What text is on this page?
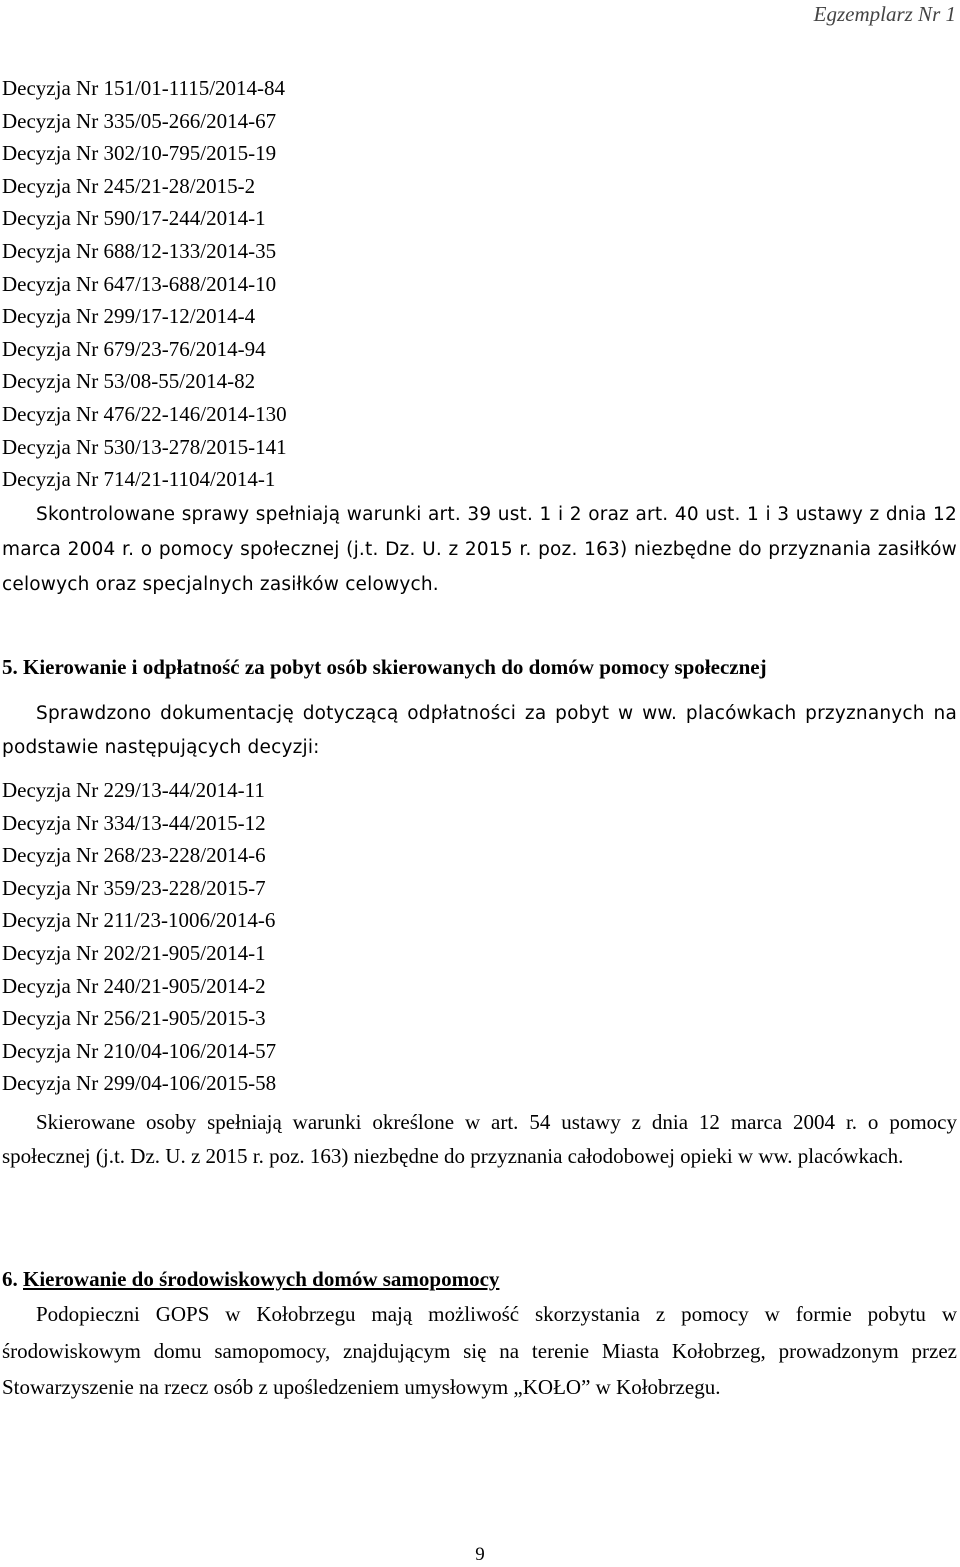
Egzemplarz Nr 1
Decyzja Nr 151/01-1115/2014-84
Decyzja Nr 335/05-266/2014-67
Decyzja Nr 302/10-795/2015-19
Decyzja Nr 245/21-28/2015-2
Decyzja Nr 590/17-244/2014-1
Decyzja Nr 688/12-133/2014-35
Decyzja Nr 647/13-688/2014-10
Decyzja Nr 299/17-12/2014-4
Decyzja Nr 679/23-76/2014-94
Decyzja Nr 53/08-55/2014-82
Decyzja Nr 476/22-146/2014-130
Decyzja Nr 530/13-278/2015-141
Decyzja Nr 714/21-1104/2014-1

Skontrolowane sprawy spełniają warunki art. 39 ust. 1 i 2 oraz art. 40 ust. 1 i 3 ustawy z dnia 12 marca 2004 r. o pomocy społecznej (j.t. Dz. U. z 2015 r. poz. 163) niezbędne do przyznania zasiłków celowych oraz specjalnych zasiłków celowych.

5. Kierowanie i odpłatność za pobyt osób skierowanych do domów pomocy społecznej

Sprawdzono dokumentację dotyczącą odpłatności za pobyt w ww. placówkach przyznanych na podstawie następujących decyzji:

Decyzja Nr 229/13-44/2014-11
Decyzja Nr 334/13-44/2015-12
Decyzja Nr 268/23-228/2014-6
Decyzja Nr 359/23-228/2015-7
Decyzja Nr 211/23-1006/2014-6
Decyzja Nr 202/21-905/2014-1
Decyzja Nr 240/21-905/2014-2
Decyzja Nr 256/21-905/2015-3
Decyzja Nr 210/04-106/2014-57
Decyzja Nr 299/04-106/2015-58

Skierowane osoby spełniają warunki określone w art. 54 ustawy z dnia 12 marca 2004 r. o pomocy społecznej (j.t. Dz. U. z 2015 r. poz. 163) niezbędne do przyznania całodobowej opieki w ww. placówkach.

6. Kierowanie do środowiskowych domów samopomocy

Podopieczni GOPS w Kołobrzegu mają możliwość skorzystania z pomocy w formie pobytu w środowiskowym domu samopomocy, znajdującym się na terenie Miasta Kołobrzeg, prowadzonym przez Stowarzyszenie na rzecz osób z upośledzeniem umysłowym „KOŁO” w Kołobrzegu.

9
